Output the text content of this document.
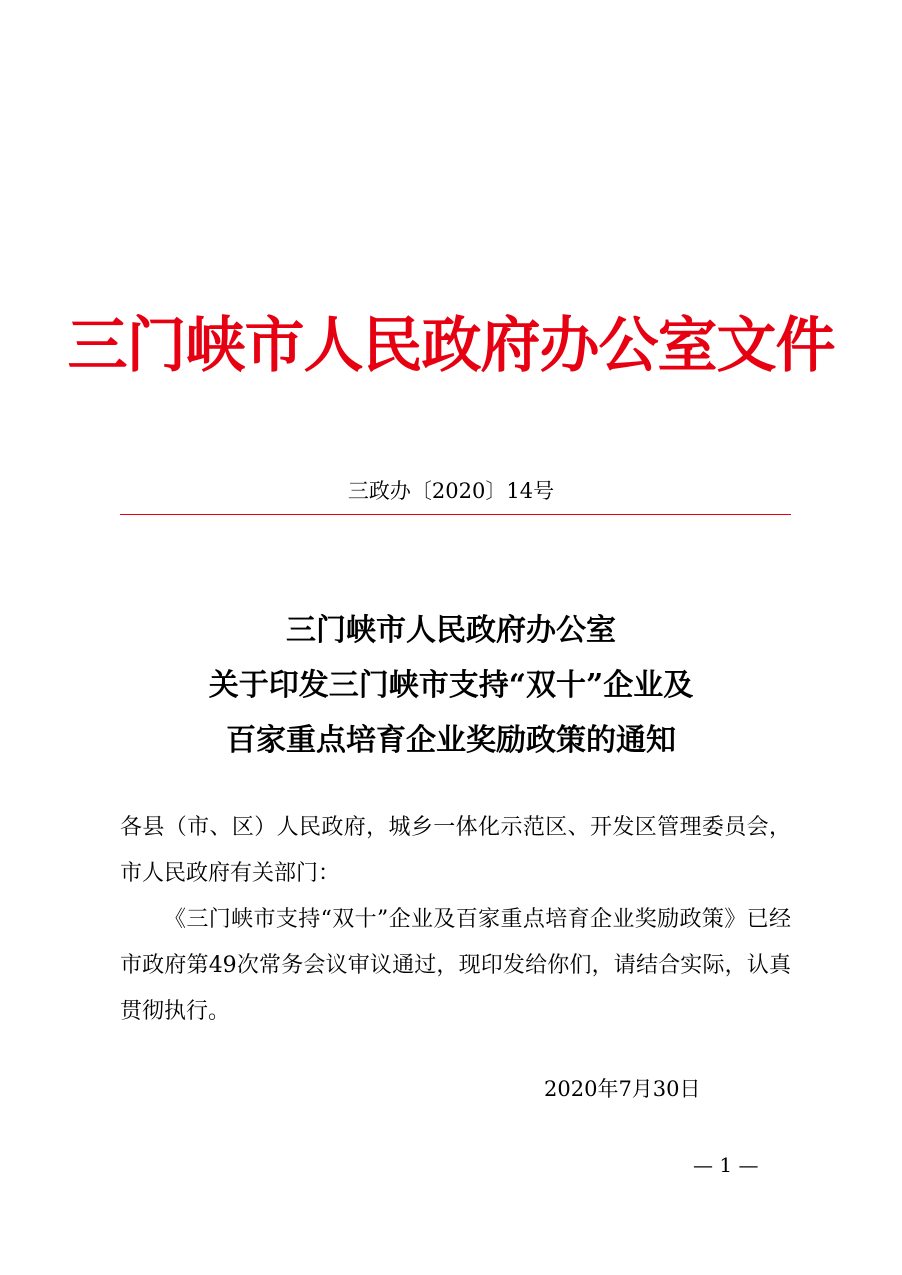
三门峡市人民政府办公室文件
三政办〔2020〕14号
三门峡市人民政府办公室
关于印发三门峡市支持“双十”企业及
百家重点培育企业奖励政策的通知

各县（市、区）人民政府，城乡一体化示范区、开发区管理委员会，市人民政府有关部门：

《三门峡市支持“双十”企业及百家重点培育企业奖励政策》已经市政府第49次常务会议审议通过，现印发给你们，请结合实际，认真贯彻执行。

2020年7月30日
— 1 —
